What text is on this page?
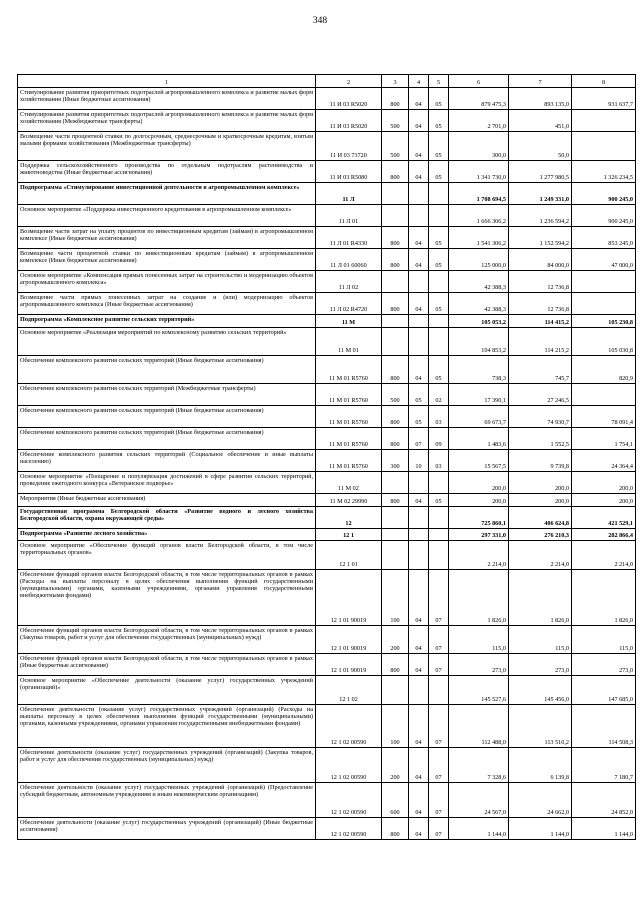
348
1	2	3	4	5	6	7	8
Стимулирование развития приоритетных подотраслей агропромышленного комплекса и развитие малых форм хозяйствования (Иные бюджетные ассигнования)	11 И 03 R5020	800	04	05	879 475,3	893 135,0	931 637,7
Стимулирование развития приоритетных подотраслей агропромышленного комплекса и развитие малых форм хозяйствования (Межбюджетные трансферты)	11 И 03 R5020	500	04	05	2 701,0	451,0	
Возмещение части процентной ставки по долгосрочным, среднесрочным и краткосрочным кредитам, взятым малыми формами хозяйствования (Межбюджетные трансферты)	11 И 03 73720	500	04	05	300,0	50,0	
Поддержка сельскохозяйственного производства по отдельным подотраслям растениеводства и животноводства (Иные бюджетные ассигнования)	11 И 03 R5080	800	04	05	1 341 730,0	1 277 980,5	1 326 234,5
Подпрограмма «Стимулирование инвестиционной деятельности в агропромышленном комплексе»	11 Л				1 708 694,5	1 249 331,0	900 245,0
Основное мероприятие «Поддержка инвестиционного кредитования в агропромышленном комплексе»	11 Л 01				1 666 306,2	1 236 594,2	900 245,0
Возмещение части затрат на уплату процентов по инвестиционным кредитам (займам) в агропромышленном комплексе (Иные бюджетные ассигнования)	11 Л 01 R4330	800	04	05	1 541 306,2	1 152 594,2	853 245,0
Возмещение части процентной ставки по инвестиционным кредитам (займам) в агропромышленном комплексе (Иные бюджетные ассигнования)	11 Л 01 60060	800	04	05	125 000,0	84 000,0	47 000,0
Основное мероприятие «Компенсация прямых понесенных затрат на строительство и модернизацию объектов агропромышленного комплекса»	11 Л 02				42 388,3	12 736,8	
Возмещение части прямых понесенных затрат на создание и (или) модернизацию объектов агропромышленного комплекса (Иные бюджетные ассигнования)	11 Л 02 R4720	800	04	05	42 388,3	12 736,8	
Подпрограмма «Комплексное развитие сельских территорий»	11 М				105 053,2	114 415,2	105 230,8
Основное мероприятие «Реализация мероприятий по комплексному развитию сельских территорий»	11 М 01				104 853,2	114 215,2	105 030,8
Обеспечение комплексного развития сельских территорий (Иные бюджетные ассигнования)	11 М 01 R5760	800	04	05	738,3	745,7	820,9
Обеспечение комплексного развития сельских территорий (Межбюджетные трансферты)	11 М 01 R5760	500	05	02	17 390,1	27 246,5	
Обеспечение комплексного развития сельских территорий (Иные бюджетные ассигнования)	11 М 01 R5760	800	05	03	69 673,7	74 930,7	78 091,4
Обеспечение комплексного развития сельских территорий (Иные бюджетные ассигнования)	11 М 01 R5760	800	07	09	1 483,6	1 552,5	1 754,1
Обеспечение комплексного развития сельских территорий (Социальное обеспечение и иные выплаты населению)	11 М 01 R5760	300	10	03	15 567,5	9 739,8	24 364,4
Основное мероприятие «Поощрение и популяризация достижений в сфере развития сельских территорий, проведение ежегодного конкурса «Ветеранское подворье»	11 М 02				200,0	200,0	200,0
Мероприятия (Иные бюджетные ассигнования)	11 М 02 29990	800	04	05	200,0	200,0	200,0
Государственная программа Белгородской области «Развитие водного и лесного хозяйства Белгородской области, охрана окружающей среды»	12				725 860,1	406 624,8	421 529,1
Подпрограмма «Развитие лесного хозяйства»	12 1				297 331,0	276 210,3	282 866,4
Основное мероприятие «Обеспечение функций органов власти Белгородской области, в том числе территориальных органов»	12 1 01				2 214,0	2 214,0	2 214,0
Обеспечение функций органов власти Белгородской области, в том числе территориальных органов в рамках (Расходы на выплаты персоналу в целях обеспечения выполнения функций государственными (муниципальными) органами, казенными учреждениями, органами управления государственными внебюджетными фондами)	12 1 01 90019	100	04	07	1 826,0	1 826,0	1 826,0
Обеспечение функций органов власти Белгородской области, в том числе территориальных органов в рамках (Закупка товаров, работ и услуг для обеспечения государственных (муниципальных) нужд)	12 1 01 90019	200	04	07	115,0	115,0	115,0
Обеспечение функций органов власти Белгородской области, в том числе территориальных органов в рамках (Иные бюджетные ассигнования)	12 1 01 90019	800	04	07	273,0	273,0	273,0
Основное мероприятие «Обеспечение деятельности (оказание услуг) государственных учреждений (организаций)»	12 1 02				145 527,6	145 456,0	147 685,0
Обеспечение деятельности (оказание услуг) государственных учреждений (организаций) (Расходы на выплаты персоналу в целях обеспечения выполнения функций государственными (муниципальными) органами, казенными учреждениями, органами управления государственными внебюджетными фондами)	12 1 02 00590	100	04	07	112 488,0	113 510,2	114 508,3
Обеспечение деятельности (оказание услуг) государственных учреждений (организаций) (Закупка товаров, работ и услуг для обеспечения государственных (муниципальных) нужд)	12 1 02 00590	200	04	07	7 328,6	6 139,8	7 180,7
Обеспечение деятельности (оказание услуг) государственных учреждений (организаций) (Предоставление субсидий бюджетным, автономным учреждениям и иным некоммерческим организациям)	12 1 02 00590	600	04	07	24 567,0	24 662,0	24 852,0
Обеспечение деятельности (оказание услуг) государственных учреждений (организаций) (Иные бюджетные ассигнования)	12 1 02 00590	800	04	07	1 144,0	1 144,0	1 144,0
